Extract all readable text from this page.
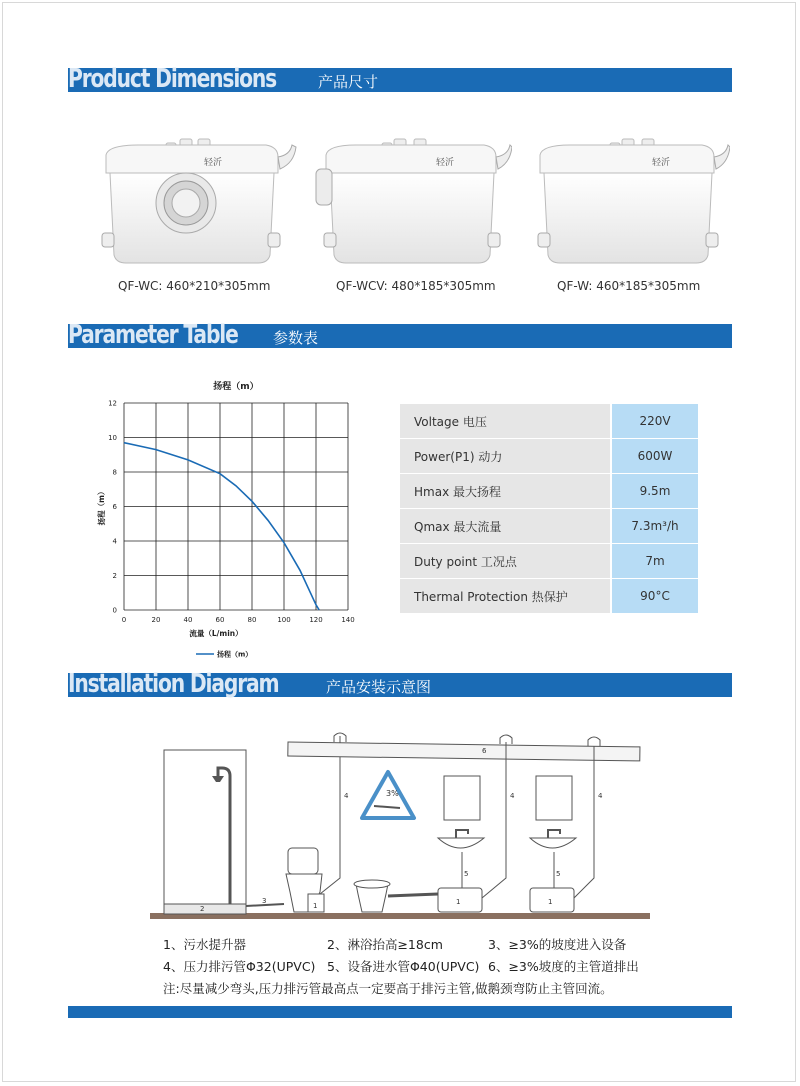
Product Dimensions	产品尺寸
轻沂
QF-WC: 460*210*305mm
轻沂
QF-WCV: 480*185*305mm
轻沂
QF-W: 460*185*305mm
Parameter Table 参数表
扬程（m）
0	20	40	60	80	100	120	140
0
2
4
6
8
10
12
流量（L/min）
扬程（m）
扬程（m）
Voltage 电压	220V
Power(P1) 动力	600W
Hmax 最大扬程	9.5m
Qmax 最大流量	7.3m³/h
Duty point 工况点	7m
Thermal Protection 热保护	90°C
Installation Diagram	产品安装示意图
2
3
1
4
6
3%
5
1
4
5
1
4
1、污水提升器	2、淋浴抬高≥18cm	3、≥3%的坡度进入设备
4、压力排污管Φ32(UPVC) 5、设备进水管Φ40(UPVC) 6、≥3%坡度的主管道排出
注:尽量减少弯头,压力排污管最高点一定要高于排污主管,做鹅颈弯防止主管回流。
